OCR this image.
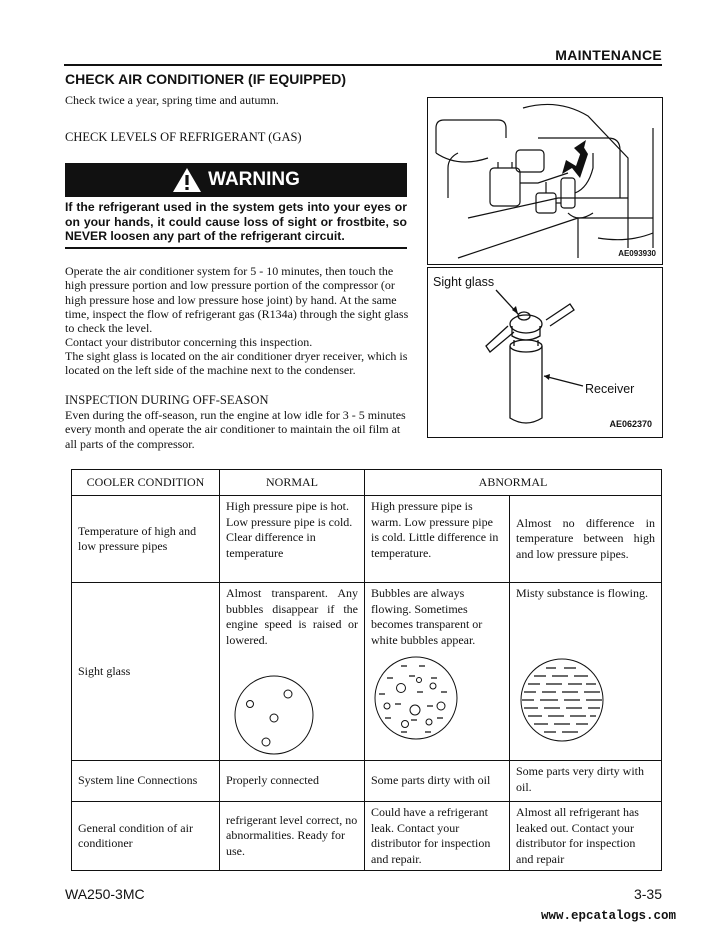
MAINTENANCE
CHECK AIR CONDITIONER (IF EQUIPPED)
Check twice a year, spring time and autumn.
CHECK LEVELS OF REFRIGERANT (GAS)
WARNING
If the refrigerant used in the system gets into your eyes or on your hands, it could cause loss of sight or frostbite, so NEVER loosen any part of the refrigerant circuit.
Operate the air conditioner system for 5 - 10 minutes, then touch the high pressure portion and low pressure portion of the compressor (or high pressure hose and low pressure hose joint) by hand. At the same time, inspect the flow of refrigerant gas (R134a) through the sight glass to check the level.
Contact your distributor concerning this inspection.
The sight glass is located on the air conditioner dryer receiver, which is located on the left side of the machine next to the condenser.
INSPECTION DURING OFF-SEASON
Even during the off-season, run the engine at low idle for 3 - 5 minutes every month and operate the air conditioner to maintain the oil film at all parts of the compressor.
AE093930
Sight glass
Receiver
AE062370
COOLER CONDITION	NORMAL	ABNORMAL	
Temperature of high and low pressure pipes	High pressure pipe is hot. Low pressure pipe is cold. Clear difference in temperature	High pressure pipe is warm. Low pressure pipe is cold. Little difference in temperature.	Almost no difference in temperature between high and low pressure pipes.
Sight glass	Almost transparent. Any bubbles disappear if the engine speed is raised or lowered.	Bubbles are always flowing. Sometimes becomes transparent or white bubbles appear.	Misty substance is flowing.

System line Connections	Properly connected	Some parts dirty with oil	Some parts very dirty with oil.
General condition of air conditioner	refrigerant level correct, no abnormalities. Ready for use.	Could have a refrigerant leak. Contact your distributor for inspection and repair.	Almost all refrigerant has leaked out. Contact your distributor for inspection and repair
WA250-3MC	3-35
www.epcatalogs.com
